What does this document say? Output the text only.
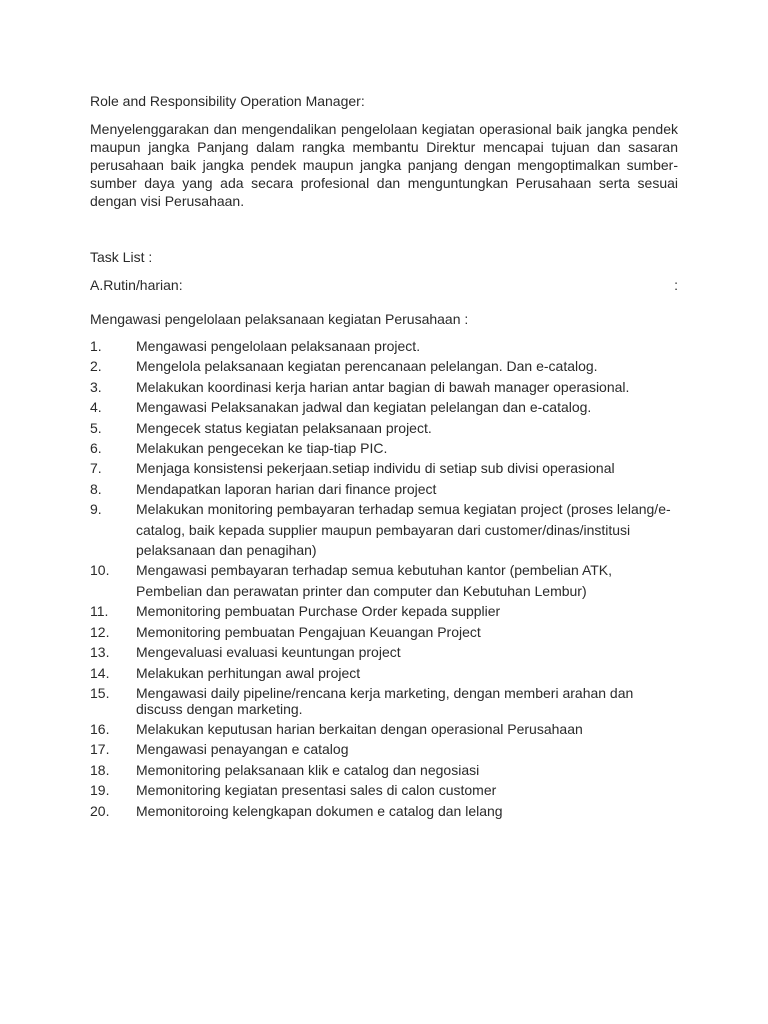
Role and Responsibility Operation Manager:

Menyelenggarakan dan mengendalikan pengelolaan kegiatan operasional baik jangka pendek maupun jangka Panjang dalam rangka membantu Direktur mencapai tujuan dan sasaran perusahaan baik jangka pendek maupun jangka panjang dengan mengoptimalkan sumber-sumber daya yang ada secara profesional dan menguntungkan Perusahaan serta sesuai dengan visi Perusahaan.

Task List :

A.Rutin/harian:	:

Mengawasi pengelolaan pelaksanaan kegiatan Perusahaan :

1.	Mengawasi pengelolaan pelaksanaan project.
2.	Mengelola pelaksanaan kegiatan perencanaan pelelangan. Dan e-catalog.
3.	Melakukan koordinasi kerja harian antar bagian di bawah manager operasional.
4.	Mengawasi Pelaksanakan jadwal dan kegiatan pelelangan dan e-catalog.
5.	Mengecek status kegiatan pelaksanaan project.
6.	Melakukan pengecekan ke tiap-tiap PIC.
7.	Menjaga konsistensi pekerjaan.setiap individu di setiap sub divisi operasional
8.	Mendapatkan laporan harian dari finance project
9.	Melakukan monitoring pembayaran terhadap semua kegiatan project (proses lelang/e-catalog, baik kepada supplier maupun pembayaran dari customer/dinas/institusi pelaksanaan dan penagihan)
10.	Mengawasi pembayaran terhadap semua kebutuhan kantor (pembelian ATK, Pembelian dan perawatan printer dan computer dan Kebutuhan Lembur)
11.	Memonitoring pembuatan Purchase Order kepada supplier
12.	Memonitoring pembuatan Pengajuan Keuangan Project
13.	Mengevaluasi evaluasi keuntungan project
14.	Melakukan perhitungan awal project
15.	Mengawasi daily pipeline/rencana kerja marketing, dengan memberi arahan dan discuss dengan marketing.
16.	Melakukan keputusan harian berkaitan dengan operasional Perusahaan
17.	Mengawasi penayangan e catalog
18.	Memonitoring pelaksanaan klik e catalog dan negosiasi
19.	Memonitoring kegiatan presentasi sales di calon customer
20.	Memonitoroing kelengkapan dokumen e catalog dan lelang
